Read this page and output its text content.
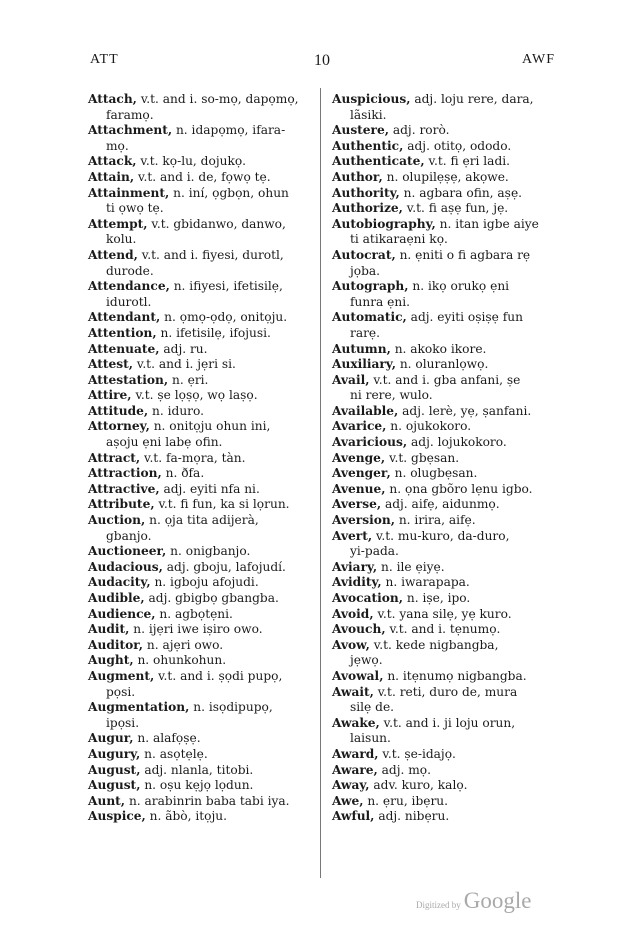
ATT	10	AWF
Attach, v.t. and i. so-mọ, dapọmọ,
faramọ.
Attachment, n. idapọmọ, ifara-
mọ.
Attack, v.t. kọ-lu, dojukọ.
Attain, v.t. and i. de, fọwọ tẹ.
Attainment, n. iní, ọgbọn, ohun
ti ọwọ tẹ.
Attempt, v.t. gbidanwo, danwo,
kolu.
Attend, v.t. and i. fiyesi, durotl,
durode.
Attendance, n. ifiyesi, ifetisilẹ,
idurotl.
Attendant, n. ọmọ-ọdọ, onitọju.
Attention, n. ifetisilẹ, ifojusi.
Attenuate, adj. ru.
Attest, v.t. and i. jẹri si.
Attestation, n. ẹri.
Attire, v.t. ṣe lọṣọ, wọ laṣọ.
Attitude, n. iduro.
Attorney, n. onitọju ohun ini,
aṣoju ẹni labẹ ofin.
Attract, v.t. fa-mọra, tàn.
Attraction, n. ðfa.
Attractive, adj. eyiti nfa ni.
Attribute, v.t. fi fun, ka si lọrun.
Auction, n. ọja tita adijerà,
gbanjo.
Auctioneer, n. onigbanjo.
Audacious, adj. gboju, lafojudí.
Audacity, n. igboju afojudi.
Audible, adj. gbigbọ gbangba.
Audience, n. agbọtẹni.
Audit, n. ijẹri iwe iṣiro owo.
Auditor, n. ajẹri owo.
Aught, n. ohunkohun.
Augment, v.t. and i. ṣọdi pupọ,
pọsi.
Augmentation, n. isọdipupọ,
ipọsi.
Augur, n. alafọṣẹ.
Augury, n. asọtẹlẹ.
August, adj. nlanla, titobi.
August, n. oṣu kẹjọ lọdun.
Aunt, n. arabinrin baba tabi iya.
Auspice, n. ãbò, itọju.
Auspicious, adj. loju rere, dara,
lãsiki.
Austere, adj. rorò.
Authentic, adj. otitọ, ododo.
Authenticate, v.t. fi ẹri ladi.
Author, n. olupilẹṣẹ, akọwe.
Authority, n. agbara ofin, aṣẹ.
Authorize, v.t. fi aṣẹ fun, jẹ.
Autobiography, n. itan igbe aiye
ti atikaraẹni kọ.
Autocrat, n. ẹniti o fi agbara rẹ
jọba.
Autograph, n. ikọ orukọ ẹni
funra ẹni.
Automatic, adj. eyiti oṣiṣẹ fun
rarẹ.
Autumn, n. akoko ikore.
Auxiliary, n. oluranlọwọ.
Avail, v.t. and i. gba anfani, ṣe
ni rere, wulo.
Available, adj. lerè, yẹ, ṣanfani.
Avarice, n. ojukokoro.
Avaricious, adj. lojukokoro.
Avenge, v.t. gbẹsan.
Avenger, n. olugbẹsan.
Avenue, n. ọna gbõro lẹnu igbo.
Averse, adj. aifẹ, aidunmọ.
Aversion, n. irira, aifẹ.
Avert, v.t. mu-kuro, da-duro,
yi-pada.
Aviary, n. ile ẹiyẹ.
Avidity, n. iwarapapa.
Avocation, n. iṣe, ipo.
Avoid, v.t. yana silẹ, yẹ kuro.
Avouch, v.t. and i. tẹnumọ.
Avow, v.t. kede nigbangba,
jẹwọ.
Avowal, n. itẹnumọ nigbangba.
Await, v.t. reti, duro de, mura
silẹ de.
Awake, v.t. and i. ji loju orun,
laisun.
Award, v.t. ṣe-idajọ.
Aware, adj. mọ.
Away, adv. kuro, kalọ.
Awe, n. ẹru, ibẹru.
Awful, adj. nibẹru.
Digitized by Google
